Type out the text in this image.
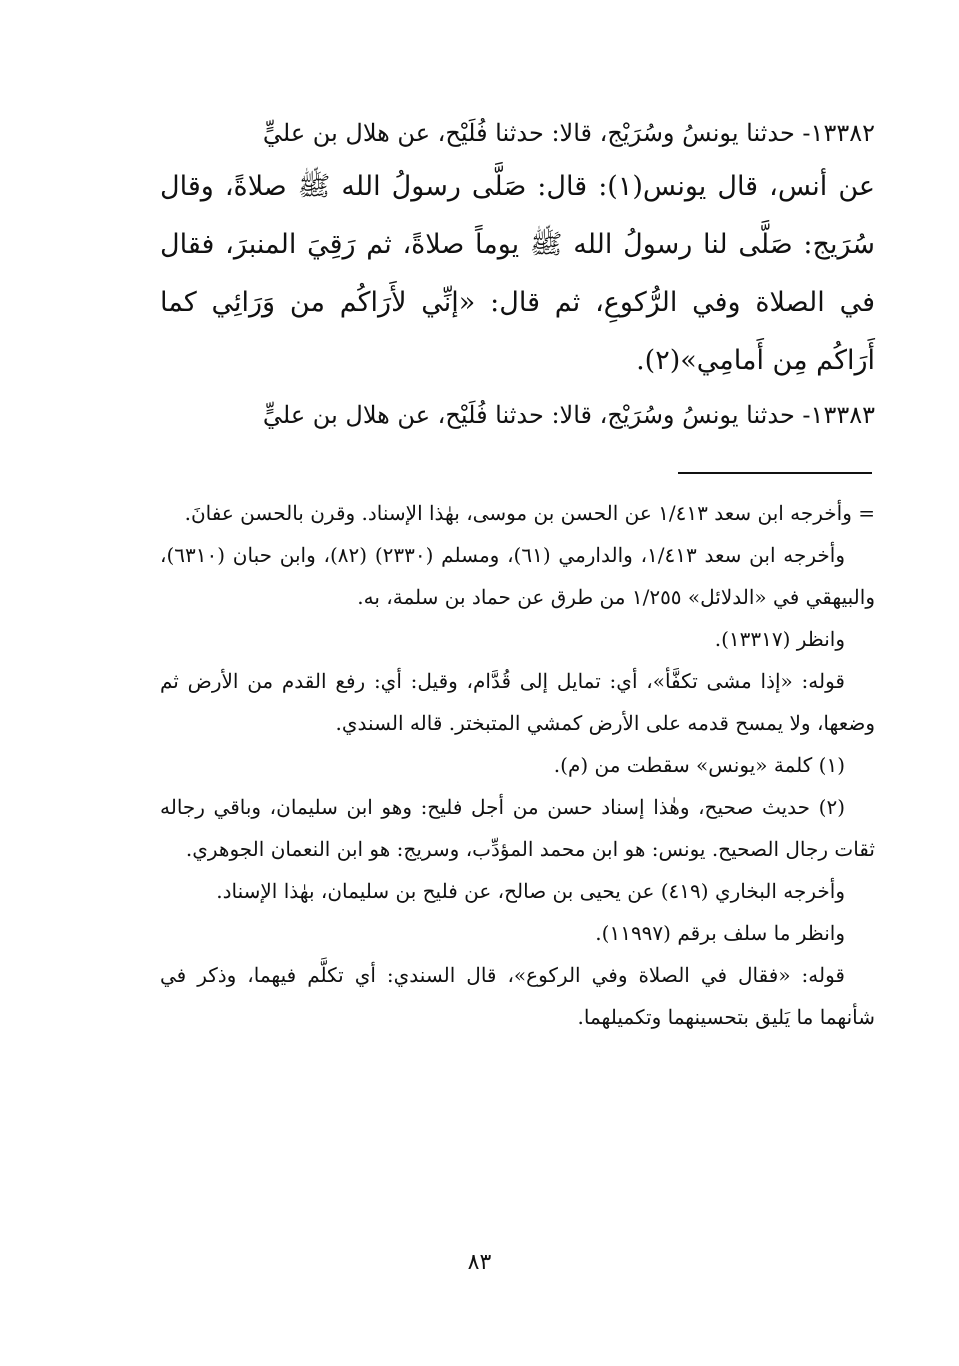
١٣٣٨٢- حدثنا يونسُ وسُرَيْج، قالا: حدثنا فُلَيْح، عن هلال بن عليٍّ

عن أنس، قال يونس(١): قال: صَلَّى رسولُ الله ﷺ صلاةً، وقال سُرَيج: صَلَّى لنا رسولُ الله ﷺ يوماً صلاةً، ثم رَقِيَ المنبرَ، فقال في الصلاة وفي الرُّكوعِ، ثم قال: «إنِّي لأَرَاكُم من وَرَائِي كما أَرَاكُم مِن أَمامِي»(٢).

١٣٣٨٣- حدثنا يونسُ وسُرَيْج، قالا: حدثنا فُلَيْح، عن هلال بن عليٍّ

= وأخرجه ابن سعد ١/٤١٣ عن الحسن بن موسى، بهٰذا الإسناد. وقرن بالحسن عفانَ.

وأخرجه ابن سعد ١/٤١٣، والدارمي (٦١)، ومسلم (٢٣٣٠) (٨٢)، وابن حبان (٦٣١٠)، والبيهقي في «الدلائل» ١/٢٥٥ من طرق عن حماد بن سلمة، به.

وانظر (١٣٣١٧).

قوله: «إذا مشى تكفَّأ»، أي: تمايل إلى قُدَّام، وقيل: أي: رفع القدم من الأرض ثم وضعها، ولا يمسح قدمه على الأرض كمشي المتبختر. قاله السندي.

(١) كلمة «يونس» سقطت من (م).

(٢) حديث صحيح، وهٰذا إسناد حسن من أجل فليح: وهو ابن سليمان، وباقي رجاله ثقات رجال الصحيح. يونس: هو ابن محمد المؤدِّب، وسريج: هو ابن النعمان الجوهري.

وأخرجه البخاري (٤١٩) عن يحيى بن صالح، عن فليح بن سليمان، بهٰذا الإسناد.

وانظر ما سلف برقم (١١٩٩٧).

قوله: «فقال في الصلاة وفي الركوع»، قال السندي: أي تكلَّم فيهما، وذكر في شأنهما ما يَليق بتحسينهما وتكميلهما.

٨٣
